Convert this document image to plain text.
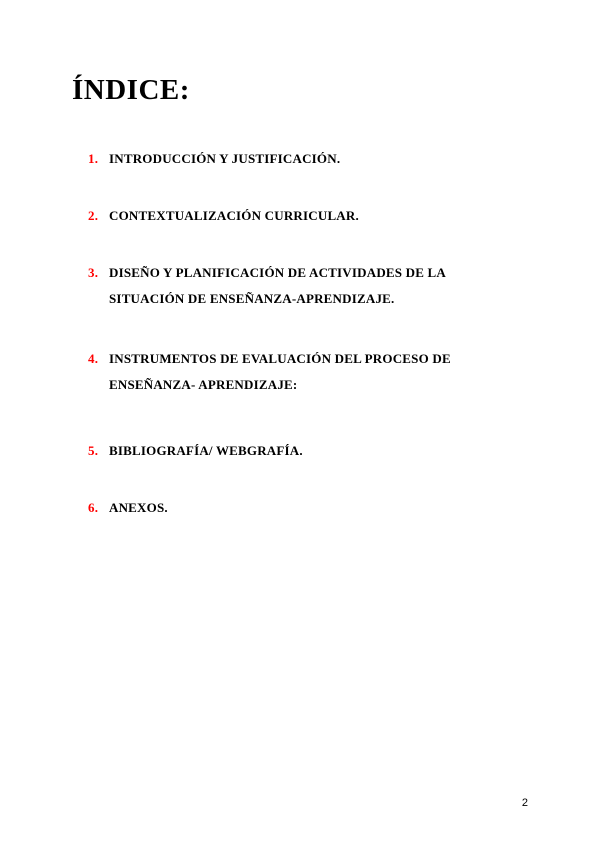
ÍNDICE:
1. INTRODUCCIÓN Y JUSTIFICACIÓN.
2. CONTEXTUALIZACIÓN CURRICULAR.
3. DISEÑO Y PLANIFICACIÓN DE ACTIVIDADES DE LA SITUACIÓN DE ENSEÑANZA-APRENDIZAJE.
4. INSTRUMENTOS DE EVALUACIÓN DEL PROCESO DE ENSEÑANZA- APRENDIZAJE:
5. BIBLIOGRAFÍA/ WEBGRAFÍA.
6. ANEXOS.
2
